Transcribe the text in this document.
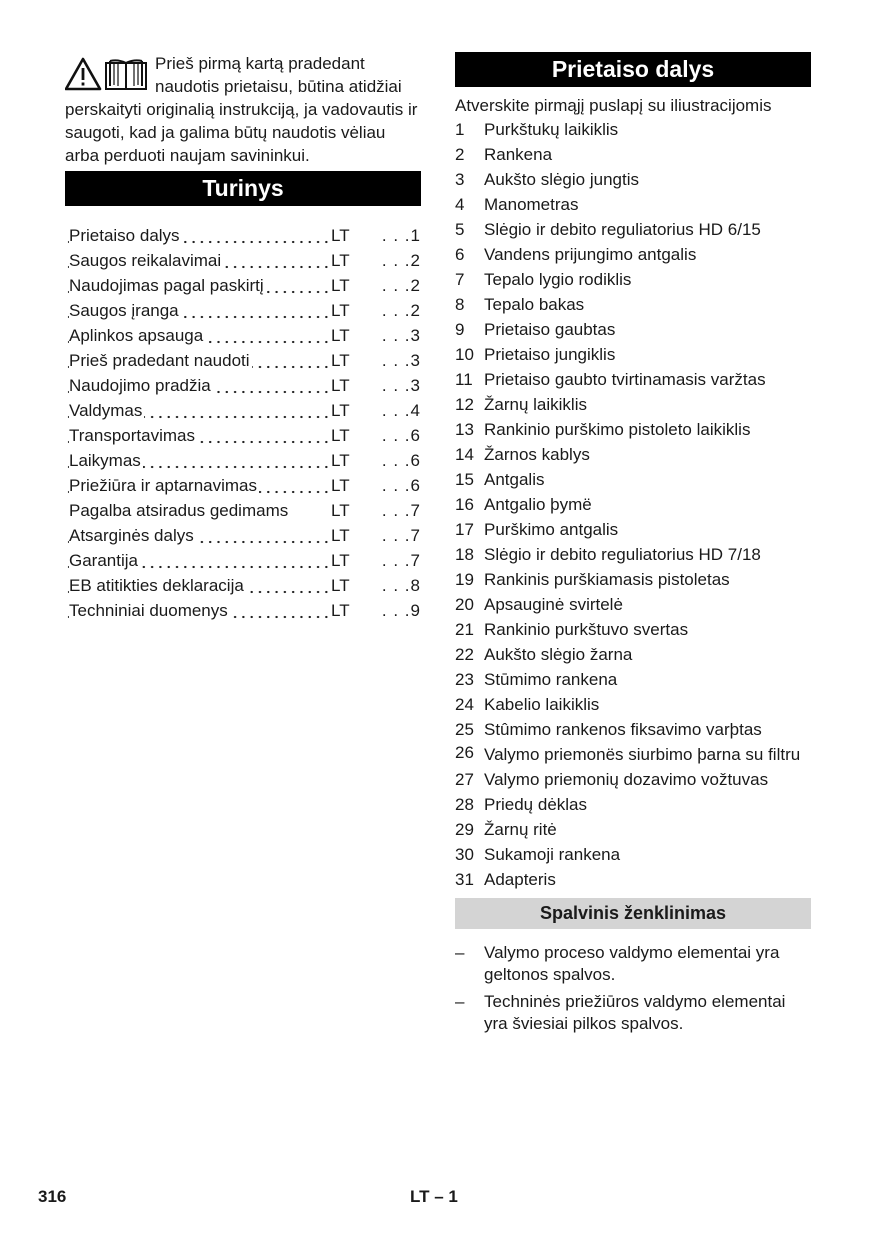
Prieš pirmą kartą pradedant naudotis prietaisu, būtina atidžiai perskaityti originalią instrukciją, ja vadovautis ir saugoti, kad ja galima būtų naudotis vėliau arba perduoti naujam savininkui.

Turinys
Prietaiso dalys	LT	. . .1
Saugos reikalavimai	LT	. . .2
Naudojimas pagal paskirtį	LT	. . .2
Saugos įranga	LT	. . .2
Aplinkos apsauga	LT	. . .3
Prieš pradedant naudoti	LT	. . .3
Naudojimo pradžia	LT	. . .3
Valdymas	LT	. . .4
Transportavimas	LT	. . .6
Laikymas	LT	. . .6
Priežiūra ir aptarnavimas	LT	. . .6
Pagalba atsiradus gedimams	LT	. . .7
Atsarginės dalys	LT	. . .7
Garantija	LT	. . .7
EB atitikties deklaracija	LT	. . .8
Techniniai duomenys	LT	. . .9
Prietaiso dalys
Atverskite pirmąjį puslapį su iliustracijomis
1 Purkštukų laikiklis
2 Rankena
3 Aukšto slėgio jungtis
4 Manometras
5 Slėgio ir debito reguliatorius HD 6/15
6 Vandens prijungimo antgalis
7 Tepalo lygio rodiklis
8 Tepalo bakas
9 Prietaiso gaubtas
10 Prietaiso jungiklis
11 Prietaiso gaubto tvirtinamasis varžtas
12 Žarnų laikiklis
13 Rankinio purškimo pistoleto laikiklis
14 Žarnos kablys
15 Antgalis
16 Antgalio þymë
17 Purškimo antgalis
18 Slėgio ir debito reguliatorius HD 7/18
19 Rankinis purškiamasis pistoletas
20 Apsauginė svirtelė
21 Rankinio purkštuvo svertas
22 Aukšto slėgio žarna
23 Stūmimo rankena
24 Kabelio laikiklis
25 Stûmimo rankenos fiksavimo varþtas
26 Valymo priemonës siurbimo þarna su filtru
27 Valymo priemonių dozavimo vožtuvas
28 Priedų dėklas
29 Žarnų ritė
30 Sukamoji rankena
31 Adapteris
Spalvinis ženklinimas
– Valymo proceso valdymo elementai yra geltonos spalvos.
– Techninės priežiūros valdymo elementai yra šviesiai pilkos spalvos.
316	LT – 1
